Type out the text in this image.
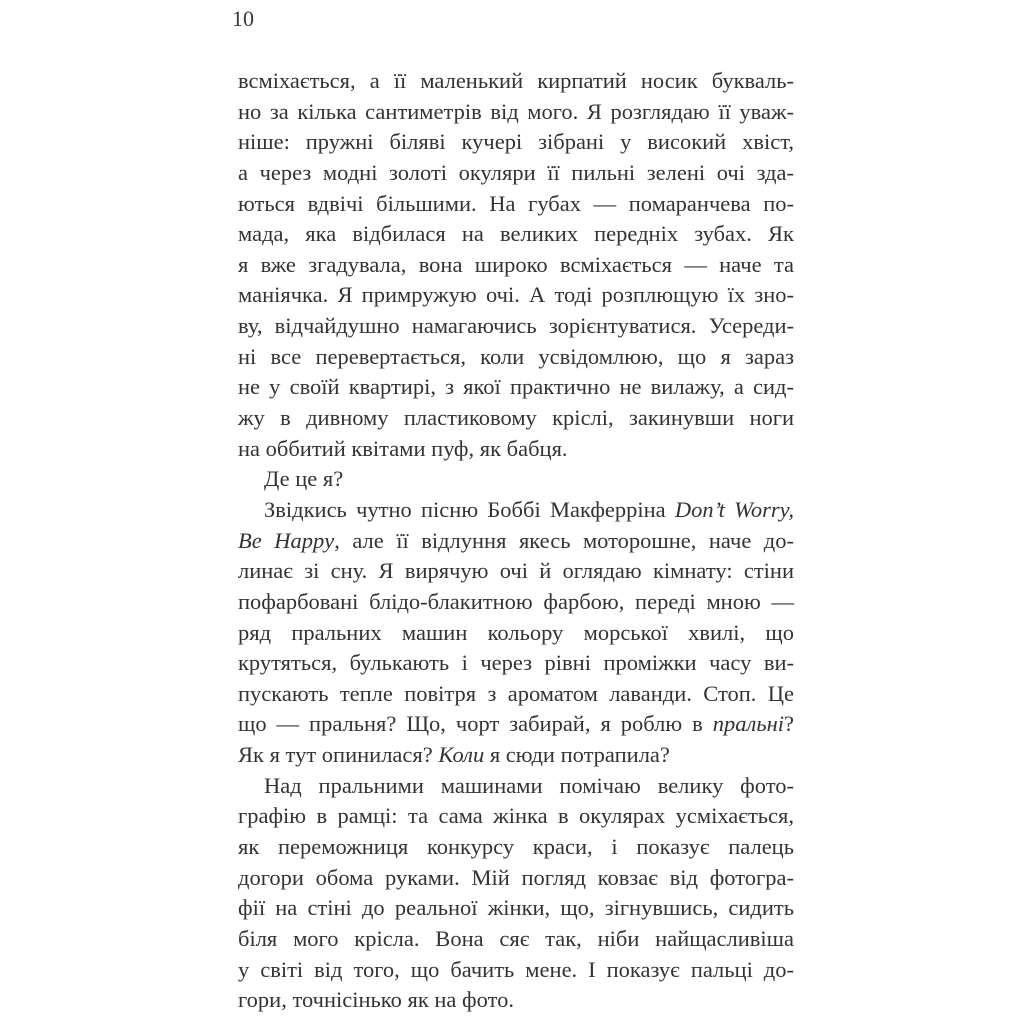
10
всміхається, а її маленький кирпатий носик букваль-
но за кілька сантиметрів від мого. Я розглядаю її уваж-
ніше: пружні біляві кучері зібрані у високий хвіст,
а через модні золоті окуляри її пильні зелені очі зда-
ються вдвічі більшими. На губах — помаранчева по-
мада, яка відбилася на великих передніх зубах. Як
я вже згадувала, вона широко всміхається — наче та
маніячка. Я примружую очі. А тоді розплющую їх зно-
ву, відчайдушно намагаючись зорієнтуватися. Усереди-
ні все перевертається, коли усвідомлюю, що я зараз
не у своїй квартирі, з якої практично не вилажу, а сид-
жу в дивному пластиковому кріслі, закинувши ноги
на оббитий квітами пуф, як бабця.
Де це я?
Звідкись чутно пісню Боббі Макферріна Don’t Worry,
Be Happy, але її відлуння якесь моторошне, наче до-
линає зі сну. Я вирячую очі й оглядаю кімнату: стіни
пофарбовані блідо-блакитною фарбою, переді мною —
ряд пральних машин кольору морської хвилі, що
крутяться, булькають і через рівні проміжки часу ви-
пускають тепле повітря з ароматом лаванди. Стоп. Це
що — пральня? Що, чорт забирай, я роблю в пральні?
Як я тут опинилася? Коли я сюди потрапила?
Над пральними машинами помічаю велику фото-
графію в рамці: та сама жінка в окулярах усміхається,
як переможниця конкурсу краси, і показує палець
догори обома руками. Мій погляд ковзає від фотогра-
фії на стіні до реальної жінки, що, зігнувшись, сидить
біля мого крісла. Вона сяє так, ніби найщасливіша
у світі від того, що бачить мене. І показує пальці до-
гори, точнісінько як на фото.
